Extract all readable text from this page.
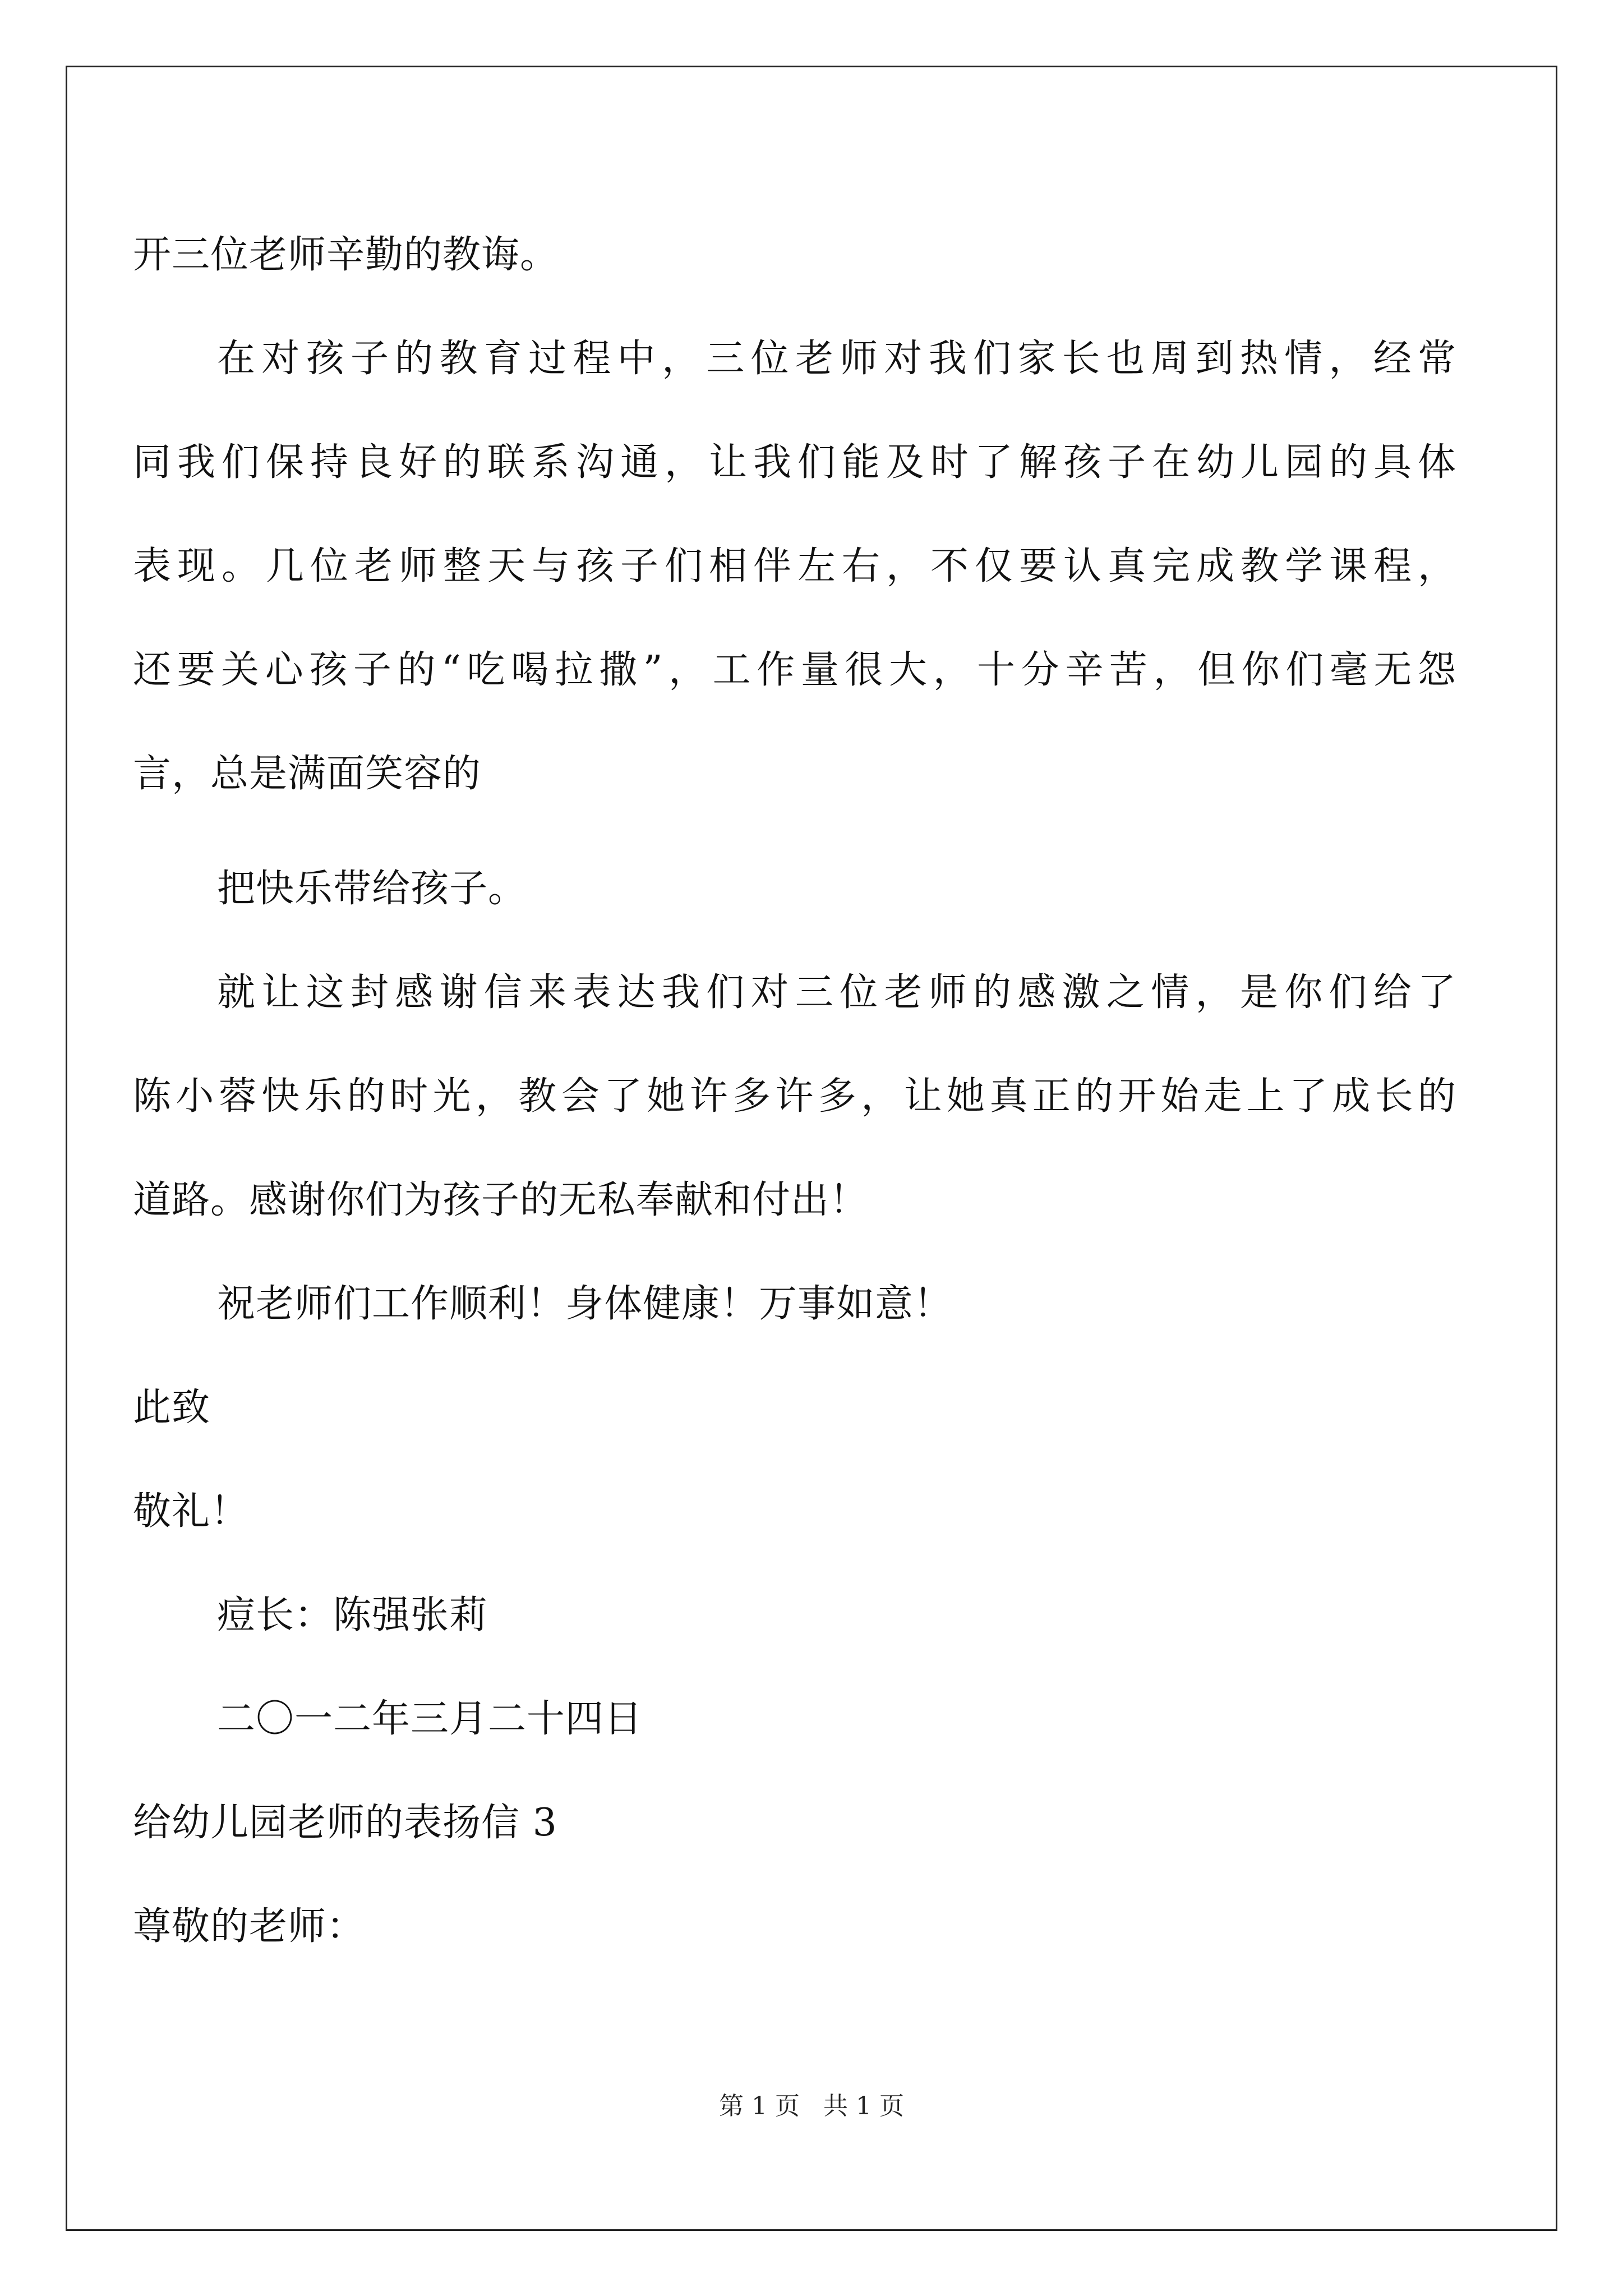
开三位老师辛勤的教诲。
在对孩子的教育过程中，三位老师对我们家长也周到热情，经常
同我们保持良好的联系沟通，让我们能及时了解孩子在幼儿园的具体
表现。几位老师整天与孩子们相伴左右，不仅要认真完成教学课程，
还要关心孩子的“吃喝拉撒”，工作量很大，十分辛苦，但你们毫无怨
言，总是满面笑容的
把快乐带给孩子。
就让这封感谢信来表达我们对三位老师的感激之情，是你们给了
陈小蓉快乐的时光，教会了她许多许多，让她真正的开始走上了成长的
道路。感谢你们为孩子的无私奉献和付出！
祝老师们工作顺利！身体健康！万事如意！
此致
敬礼！
痘长：陈强张莉
二〇一二年三月二十四日
给幼儿园老师的表扬信 3
尊敬的老师：
第 1 页 共 1 页
